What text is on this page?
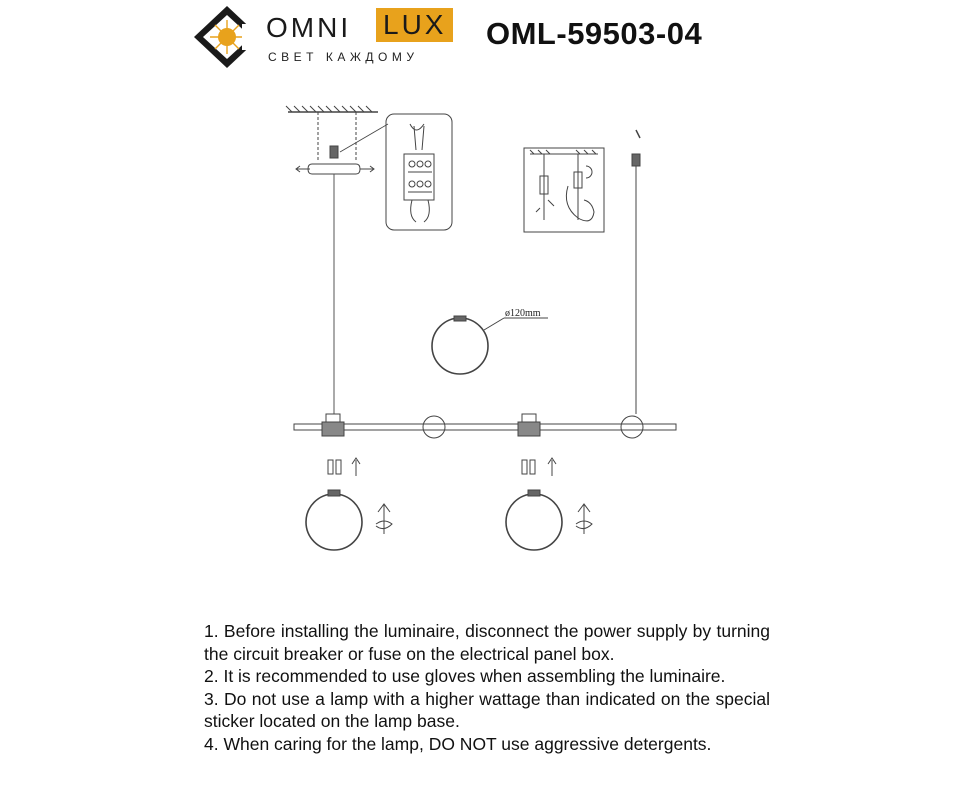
OMNI LUX
СВЕТ КАЖДОМУ
OML-59503-04
ø120mm
1. Before installing the luminaire, disconnect the power supply by turning the circuit breaker or fuse on the electrical panel box.
2. It is recommended to use gloves when assembling the luminaire.
3. Do not use a lamp with a higher wattage than indicated on the special sticker located on the lamp base.
4. When caring for the lamp, DO NOT use aggressive detergents.
